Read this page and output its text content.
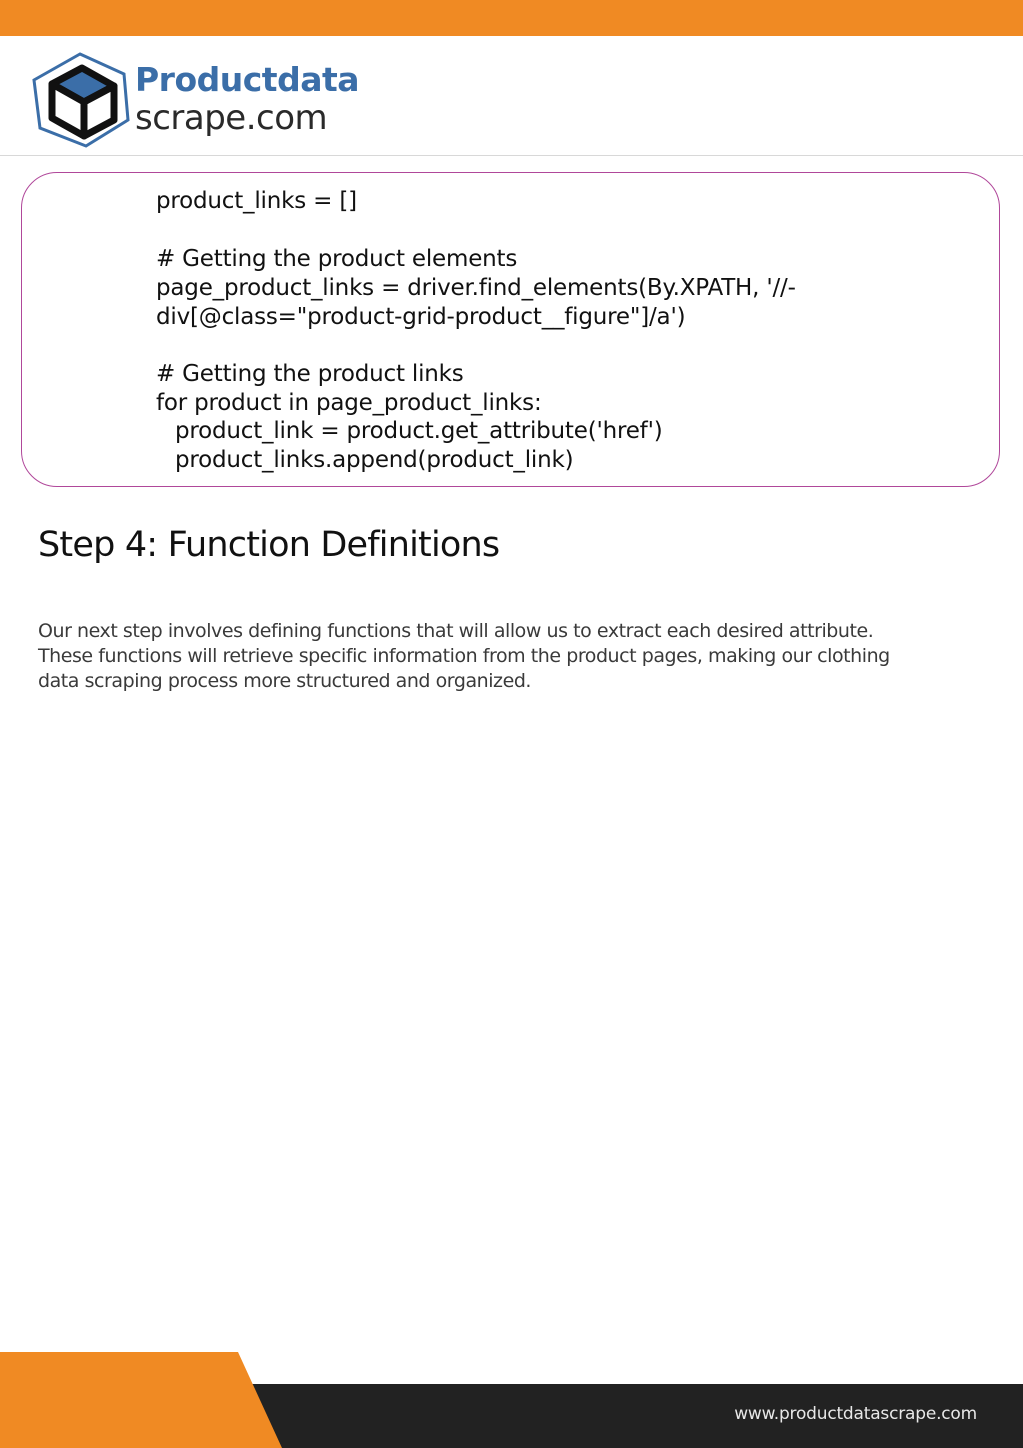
Productdata
scrape.com
product_links = []
# Getting the product elements
page_product_links = driver.find_elements(By.XPATH, '//-
div[@class="product-grid-product__figure"]/a')
# Getting the product links
for product in page_product_links:
product_link = product.get_attribute('href')
product_links.append(product_link)
Step 4: Function Definitions
Our next step involves defining functions that will allow us to extract each desired attribute.
These functions will retrieve specific information from the product pages, making our clothing
data scraping process more structured and organized.
www.productdatascrape.com
